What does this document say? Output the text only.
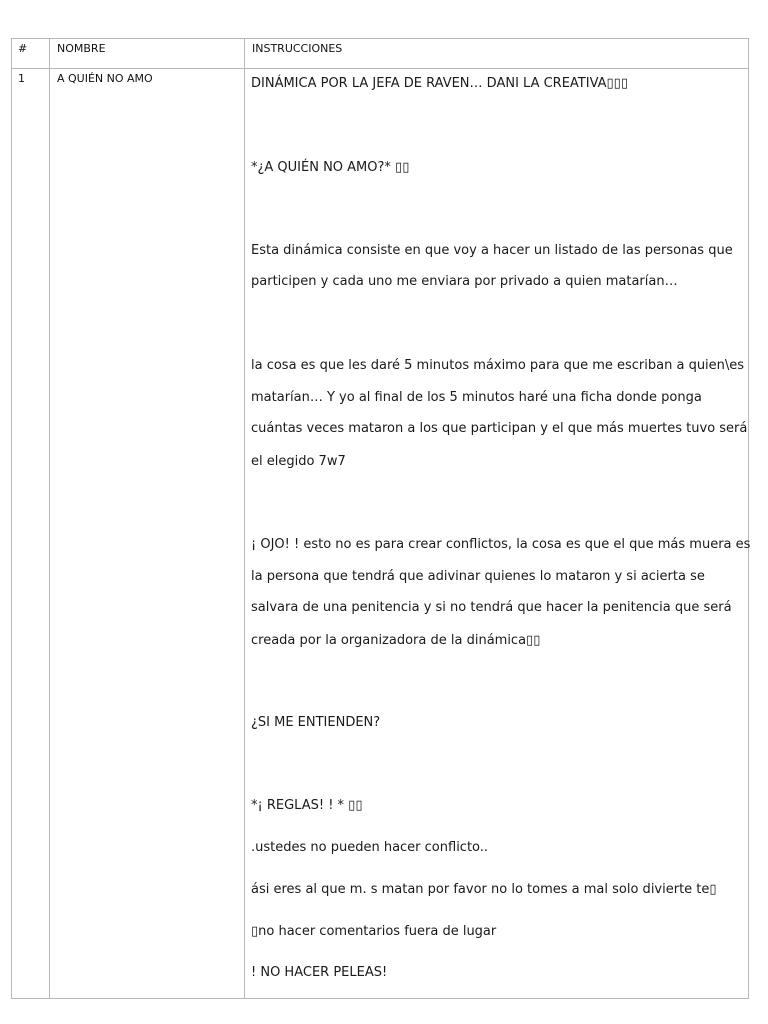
#	NOMBRE	INSTRUCCIONES
1	A QUIÉN NO AMO	DINÁMICA POR LA JEFA DE RAVEN… DANI LA CREATIVA▯▯▯
*¿A QUIÉN NO AMO?* ▯▯
Esta dinámica consiste en que voy a hacer un listado de las personas que
participen y cada uno me enviara por privado a quien matarían…
la cosa es que les daré 5 minutos máximo para que me escriban a quien\es
matarían… Y yo al final de los 5 minutos haré una ficha donde ponga
cuántas veces mataron a los que participan y el que más muertes tuvo será
el elegido 7w7
¡ OJO! ! esto no es para crear conflictos, la cosa es que el que más muera es
la persona que tendrá que adivinar quienes lo mataron y si acierta se
salvara de una penitencia y si no tendrá que hacer la penitencia que será
creada por la organizadora de la dinámica▯▯
¿SI ME ENTIENDEN?
*¡ REGLAS! ! * ▯▯
.ustedes no pueden hacer conflicto..
ási eres al que m. s matan por favor no lo tomes a mal solo divierte te▯
▯no hacer comentarios fuera de lugar
! NO HACER PELEAS!
